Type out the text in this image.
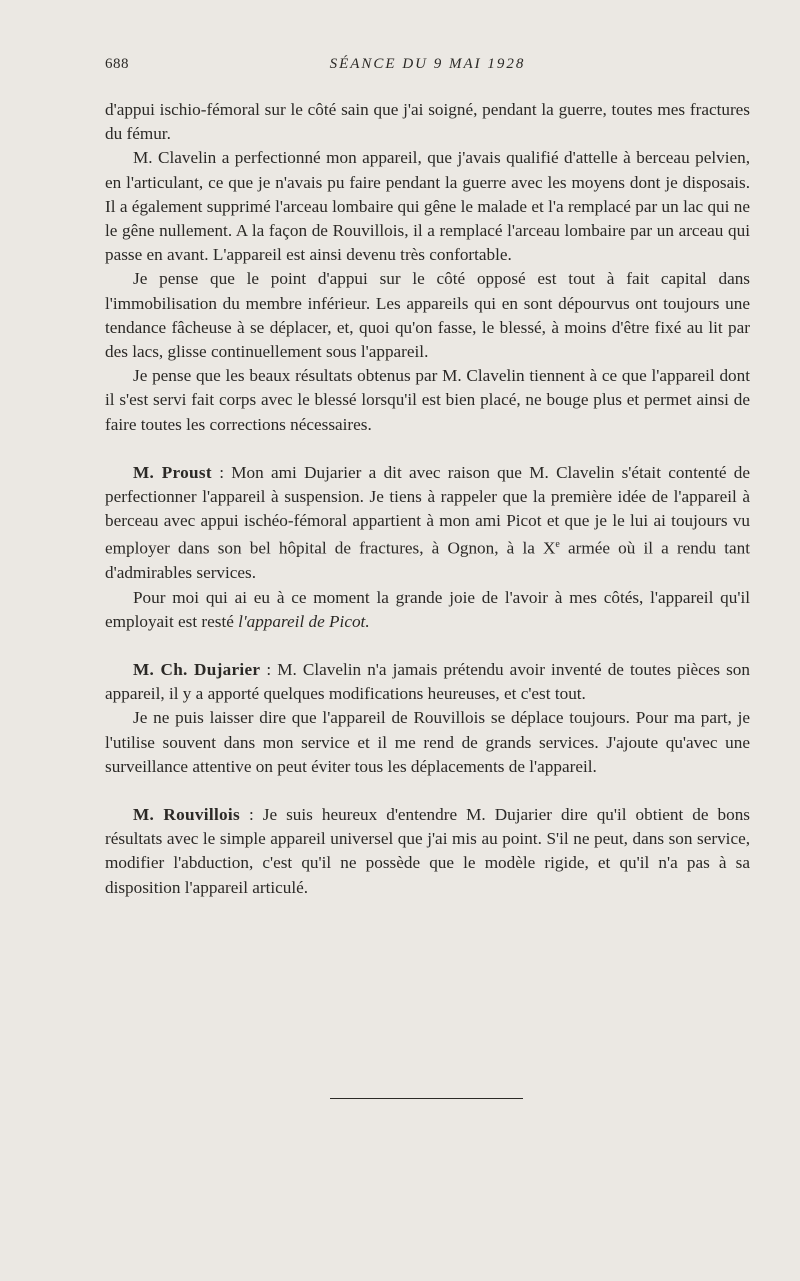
688	SÉANCE DU 9 MAI 1928

d'appui ischio-fémoral sur le côté sain que j'ai soigné, pendant la guerre, toutes mes fractures du fémur.

M. Clavelin a perfectionné mon appareil, que j'avais qualifié d'attelle à berceau pelvien, en l'articulant, ce que je n'avais pu faire pendant la guerre avec les moyens dont je disposais. Il a également supprimé l'arceau lombaire qui gêne le malade et l'a remplacé par un lac qui ne le gêne nullement. A la façon de Rouvillois, il a remplacé l'arceau lombaire par un arceau qui passe en avant. L'appareil est ainsi devenu très confortable.

Je pense que le point d'appui sur le côté opposé est tout à fait capital dans l'immobilisation du membre inférieur. Les appareils qui en sont dépourvus ont toujours une tendance fâcheuse à se déplacer, et, quoi qu'on fasse, le blessé, à moins d'être fixé au lit par des lacs, glisse continuellement sous l'appareil.

Je pense que les beaux résultats obtenus par M. Clavelin tiennent à ce que l'appareil dont il s'est servi fait corps avec le blessé lorsqu'il est bien placé, ne bouge plus et permet ainsi de faire toutes les corrections nécessaires.

M. Proust : Mon ami Dujarier a dit avec raison que M. Clavelin s'était contenté de perfectionner l'appareil à suspension. Je tiens à rappeler que la première idée de l'appareil à berceau avec appui ischéo-fémoral appartient à mon ami Picot et que je le lui ai toujours vu employer dans son bel hôpital de fractures, à Ognon, à la Xe armée où il a rendu tant d'admirables services.

Pour moi qui ai eu à ce moment la grande joie de l'avoir à mes côtés, l'appareil qu'il employait est resté l'appareil de Picot.

M. Ch. Dujarier : M. Clavelin n'a jamais prétendu avoir inventé de toutes pièces son appareil, il y a apporté quelques modifications heureuses, et c'est tout.

Je ne puis laisser dire que l'appareil de Rouvillois se déplace toujours. Pour ma part, je l'utilise souvent dans mon service et il me rend de grands services. J'ajoute qu'avec une surveillance attentive on peut éviter tous les déplacements de l'appareil.

M. Rouvillois : Je suis heureux d'entendre M. Dujarier dire qu'il obtient de bons résultats avec le simple appareil universel que j'ai mis au point. S'il ne peut, dans son service, modifier l'abduction, c'est qu'il ne possède que le modèle rigide, et qu'il n'a pas à sa disposition l'appareil articulé.
